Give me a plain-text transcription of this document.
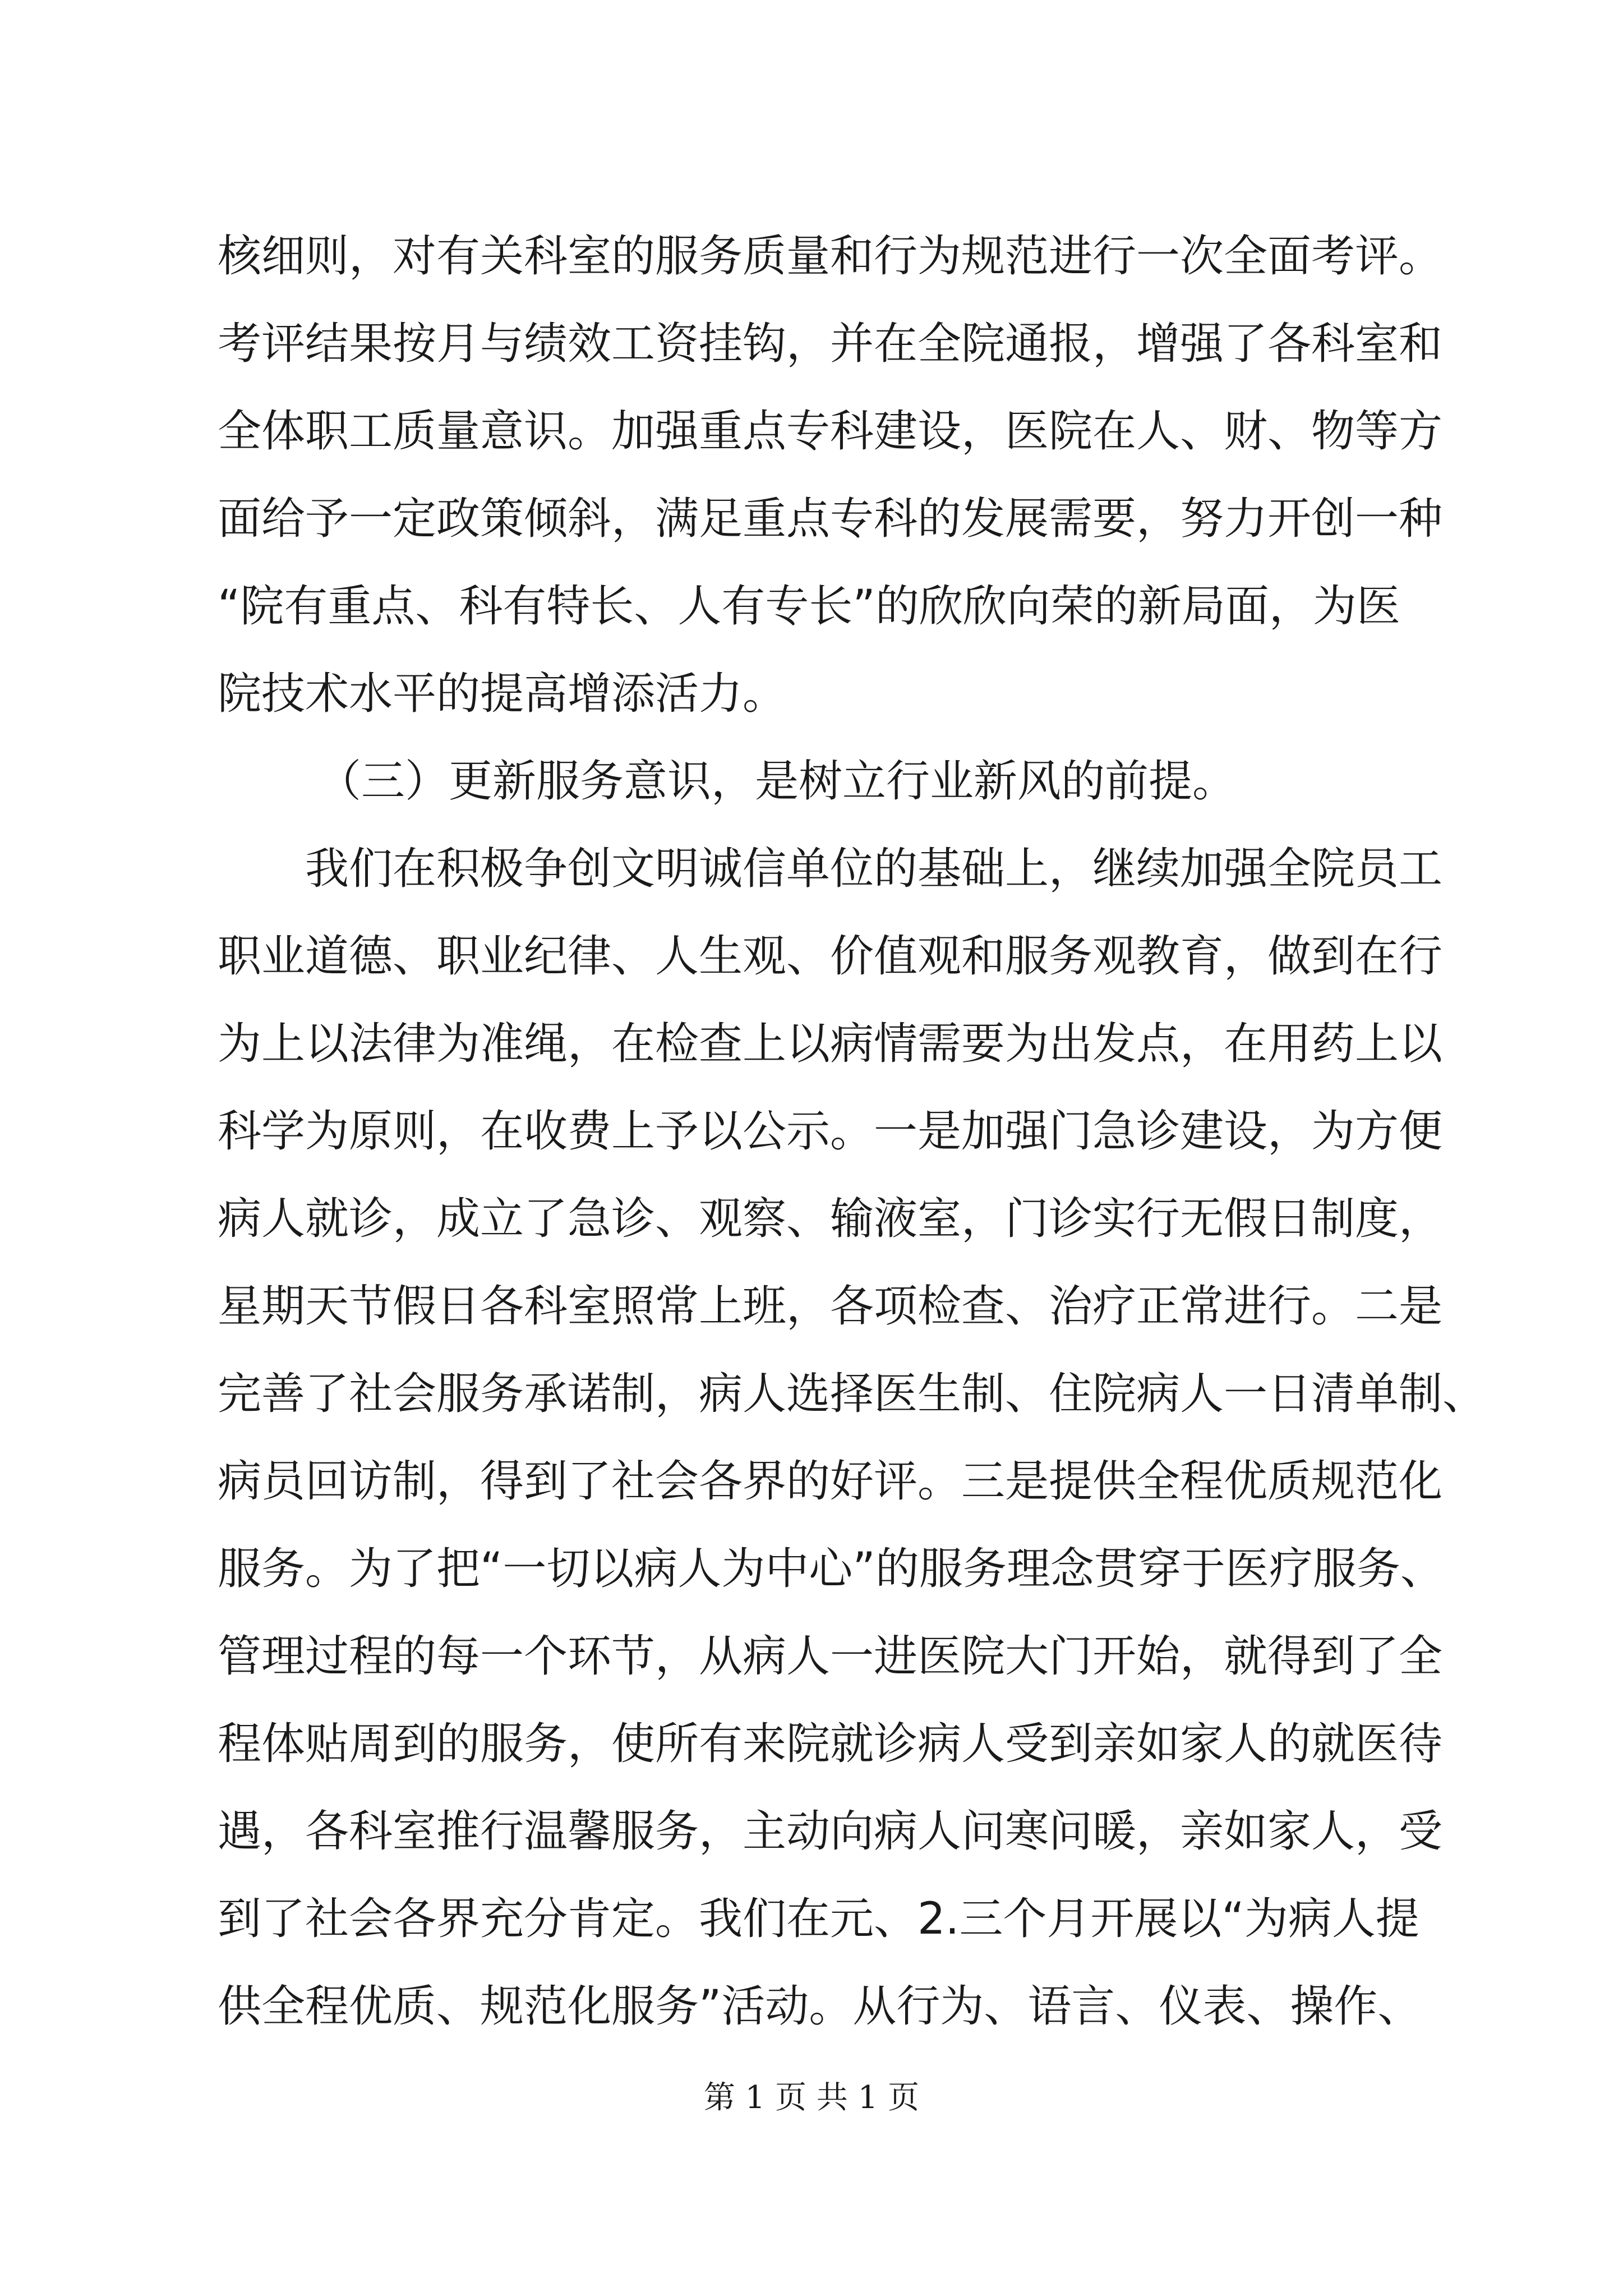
核细则，对有关科室的服务质量和行为规范进行一次全面考评。
考评结果按月与绩效工资挂钩，并在全院通报，增强了各科室和
全体职工质量意识。加强重点专科建设，医院在人、财、物等方
面给予一定政策倾斜，满足重点专科的发展需要，努力开创一种
“院有重点、科有特长、人有专长”的欣欣向荣的新局面，为医
院技术水平的提高增添活力。
（三）更新服务意识，是树立行业新风的前提。
我们在积极争创文明诚信单位的基础上，继续加强全院员工
职业道德、职业纪律、人生观、价值观和服务观教育，做到在行
为上以法律为准绳，在检查上以病情需要为出发点，在用药上以
科学为原则，在收费上予以公示。一是加强门急诊建设，为方便
病人就诊，成立了急诊、观察、输液室，门诊实行无假日制度，
星期天节假日各科室照常上班，各项检查、治疗正常进行。二是
完善了社会服务承诺制，病人选择医生制、住院病人一日清单制、
病员回访制，得到了社会各界的好评。三是提供全程优质规范化
服务。为了把“一切以病人为中心”的服务理念贯穿于医疗服务、
管理过程的每一个环节，从病人一进医院大门开始，就得到了全
程体贴周到的服务，使所有来院就诊病人受到亲如家人的就医待
遇，各科室推行温馨服务，主动向病人问寒问暖，亲如家人，受
到了社会各界充分肯定。我们在元、2.三个月开展以“为病人提
供全程优质、规范化服务”活动。从行为、语言、仪表、操作、
第 1 页 共 1 页
